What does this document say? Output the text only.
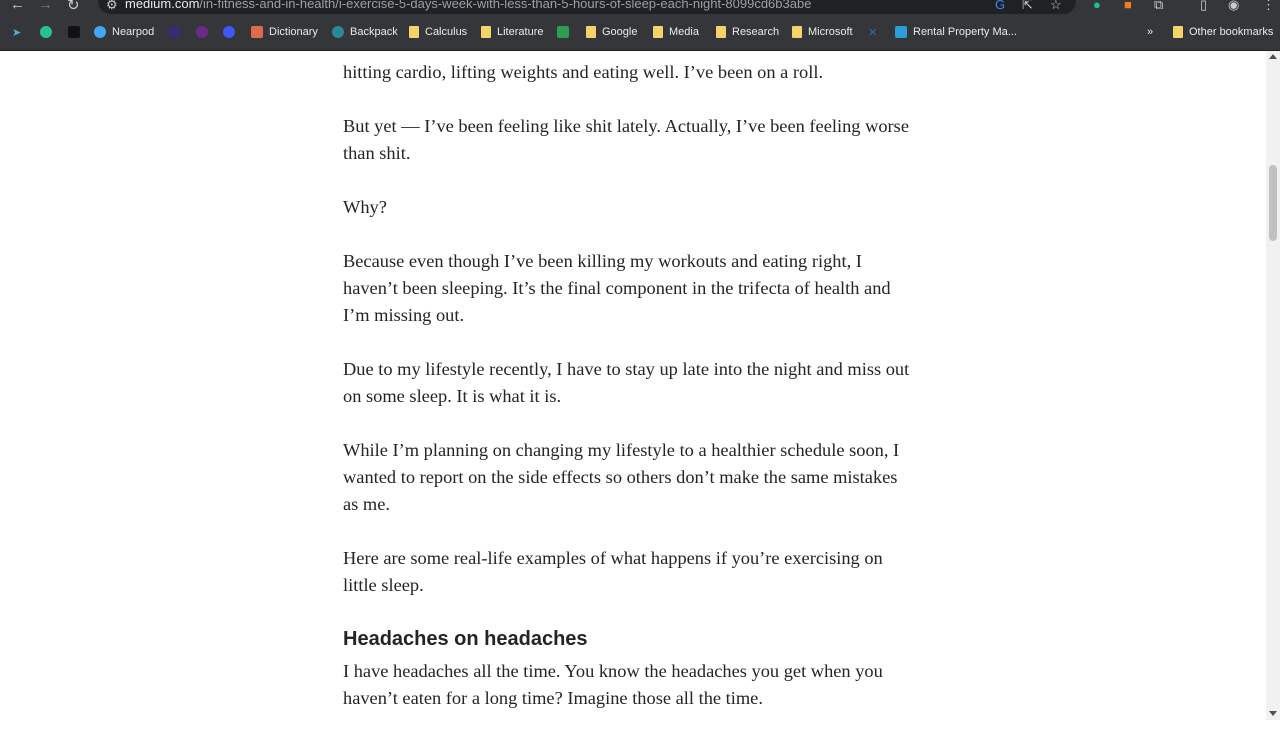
← → ↻ ⚙ medium.com/in-fitness-and-in-health/i-exercise-5-days-week-with-less-than-5-hours-of-sleep-each-night-8099cd6b3abe	G ⇱ ☆ ● ■ ⧉	▯ ◉ ⋮
➤	Nearpod	Dictionary	Backpack Calculus	Literature	Google	Media	Research	Microsoft ✕	Rental Property Ma...	»	Other bookmarks
hitting cardio, lifting weights and eating well. I’ve been on a roll.
But yet — I’ve been feeling like shit lately. Actually, I’ve been feeling worse
than shit.
Why?
Because even though I’ve been killing my workouts and eating right, I
haven’t been sleeping. It’s the final component in the trifecta of health and
I’m missing out.
Due to my lifestyle recently, I have to stay up late into the night and miss out
on some sleep. It is what it is.
While I’m planning on changing my lifestyle to a healthier schedule soon, I
wanted to report on the side effects so others don’t make the same mistakes
as me.
Here are some real-life examples of what happens if you’re exercising on
little sleep.
Headaches on headaches
I have headaches all the time. You know the headaches you get when you
haven’t eaten for a long time? Imagine those all the time.
